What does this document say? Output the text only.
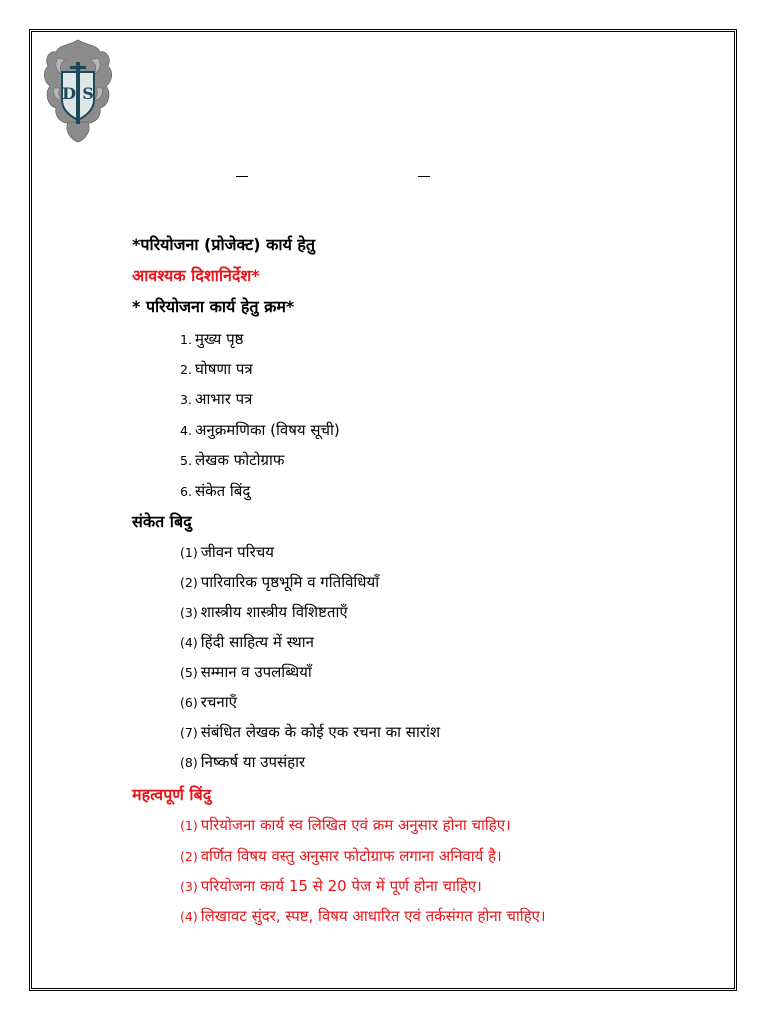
D S
*परियोजना (प्रोजेक्ट) कार्य हेतु
आवश्यक दिशानिर्देश*
* परियोजना कार्य हेतु क्रम*
1. मुख्य पृष्ठ
2. घोषणा पत्र
3. आभार पत्र
4. अनुक्रमणिका (विषय सूची)
5. लेखक फोटोग्राफ
6. संकेत बिंदु
संकेत बिदु
(1) जीवन परिचय
(2) पारिवारिक पृष्ठभूमि व गतिविधियाँ
(3) शास्त्रीय शास्त्रीय विशिष्टताएँ
(4) हिंदी साहित्य में स्थान
(5) सम्मान व उपलब्धियाँ
(6) रचनाएँ
(7) संबंधित लेखक के कोई एक रचना का सारांश
(8) निष्कर्ष या उपसंहार
महत्वपूर्ण बिंदु
(1) परियोजना कार्य स्व लिखित एवं क्रम अनुसार होना चाहिए।
(2) वर्णित विषय वस्तु अनुसार फोटोग्राफ लगाना अनिवार्य है।
(3) परियोजना कार्य 15 से 20 पेज में पूर्ण होना चाहिए।
(4) लिखावट सुंदर, स्पष्ट, विषय आधारित एवं तर्कसंगत होना चाहिए।
